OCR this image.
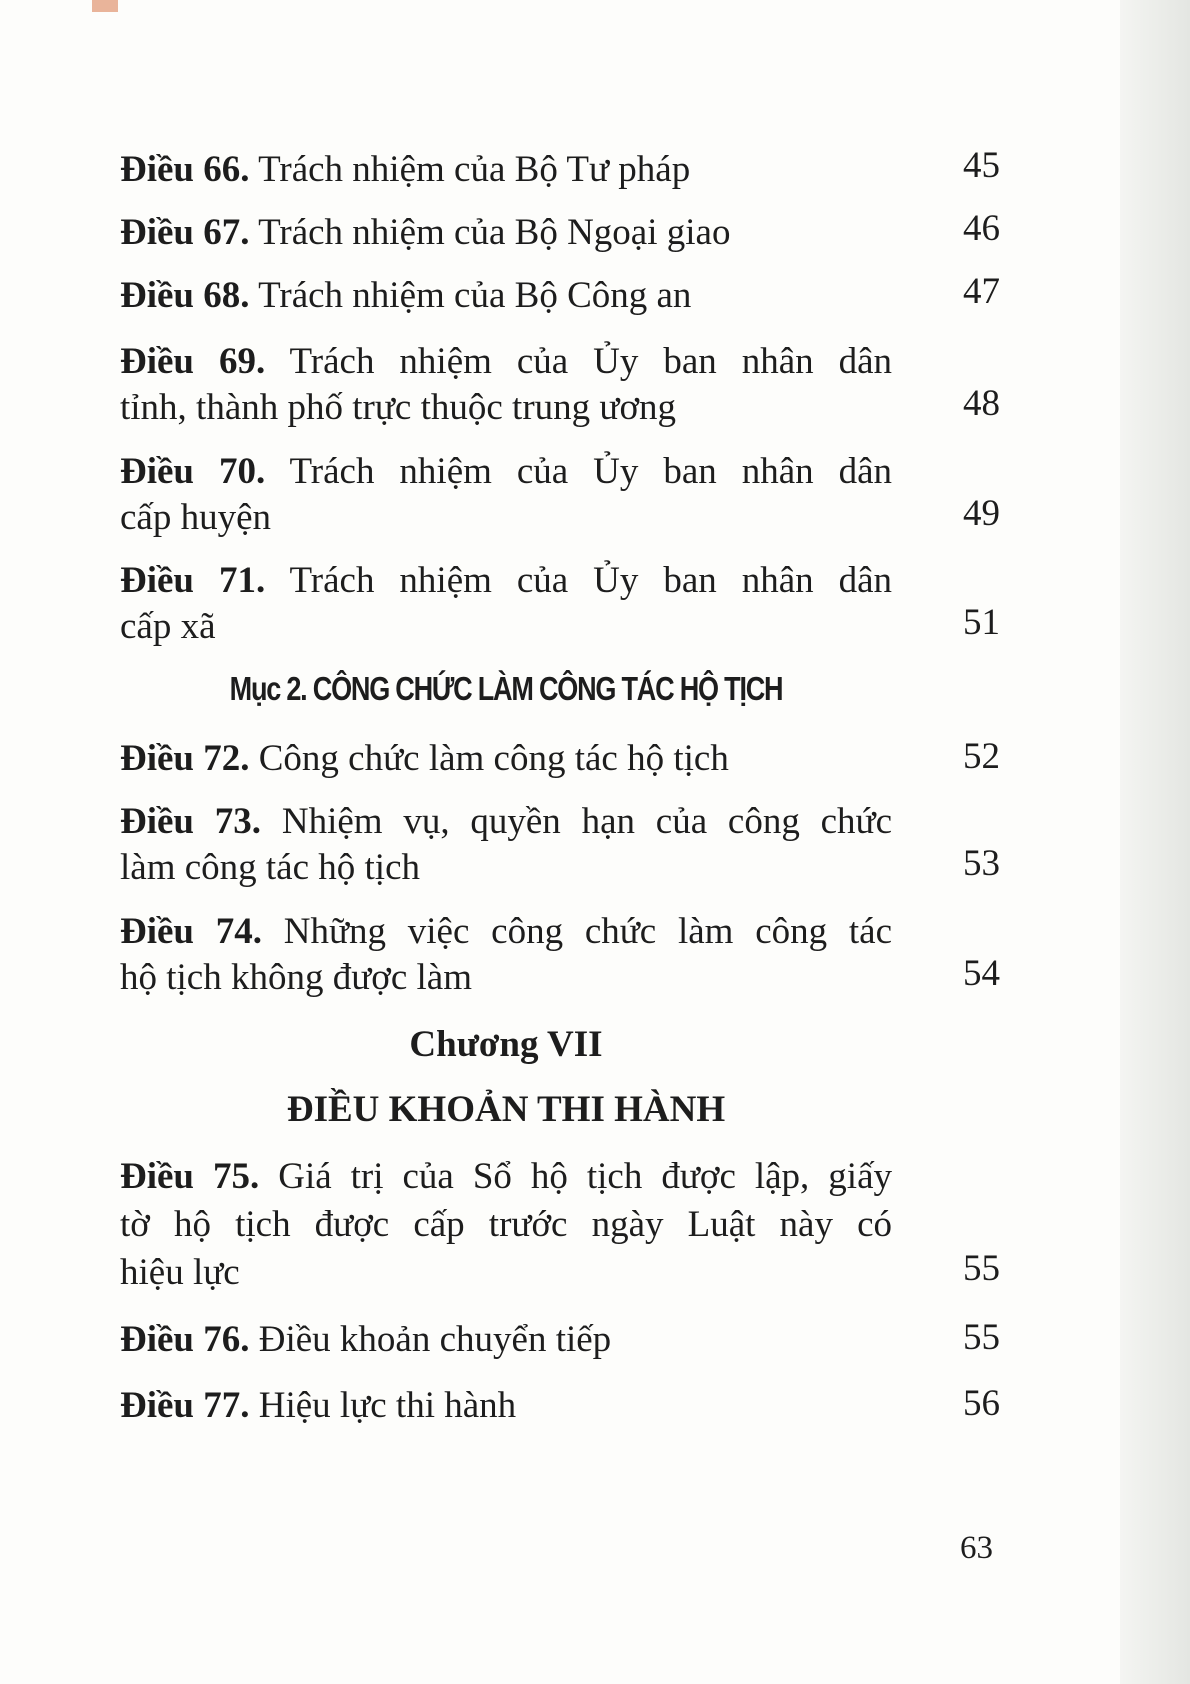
Điều 66. Trách nhiệm của Bộ Tư pháp	45
Điều 67. Trách nhiệm của Bộ Ngoại giao	46
Điều 68. Trách nhiệm của Bộ Công an	47
Điều 69. Trách nhiệm của Ủy ban nhân dân
tỉnh, thành phố trực thuộc trung ương	48
Điều 70. Trách nhiệm của Ủy ban nhân dân
cấp huyện	49
Điều 71. Trách nhiệm của Ủy ban nhân dân
cấp xã	51
Mục 2. CÔNG CHỨC LÀM CÔNG TÁC HỘ TỊCH
Điều 72. Công chức làm công tác hộ tịch	52
Điều 73. Nhiệm vụ, quyền hạn của công chức
làm công tác hộ tịch	53
Điều 74. Những việc công chức làm công tác
hộ tịch không được làm	54
Chương VII
ĐIỀU KHOẢN THI HÀNH
Điều 75. Giá trị của Sổ hộ tịch được lập, giấy
tờ hộ tịch được cấp trước ngày Luật này có
hiệu lực	55
Điều 76. Điều khoản chuyển tiếp	55
Điều 77. Hiệu lực thi hành	56
63
